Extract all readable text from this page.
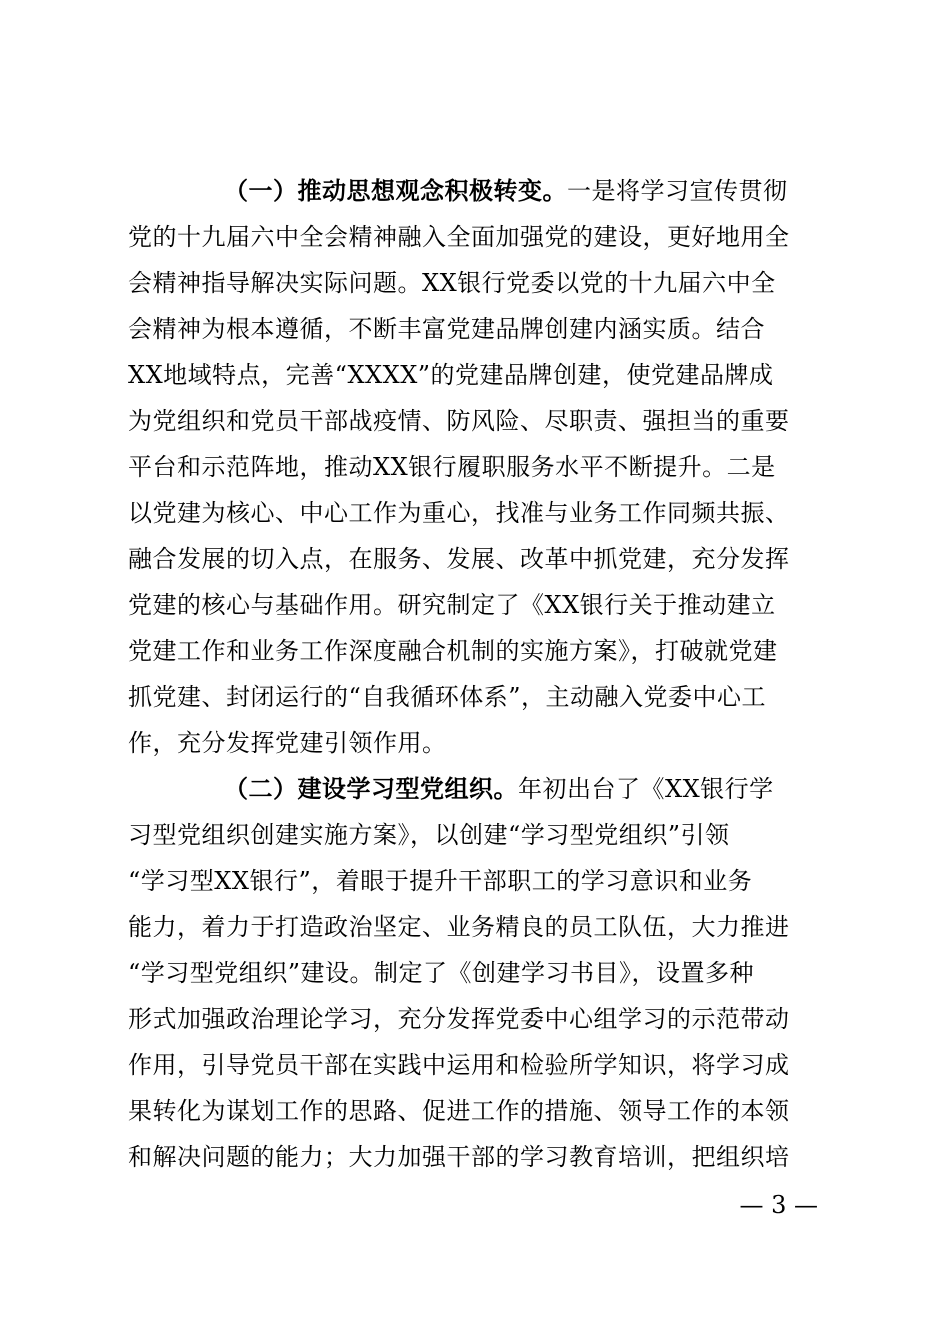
（一）推动思想观念积极转变。一是将学习宣传贯彻
党的十九届六中全会精神融入全面加强党的建设，更好地用全
会精神指导解决实际问题。XX银行党委以党的十九届六中全
会精神为根本遵循，不断丰富党建品牌创建内涵实质。结合
XX地域特点，完善“XXXX”的党建品牌创建，使党建品牌成
为党组织和党员干部战疫情、防风险、尽职责、强担当的重要
平台和示范阵地，推动XX银行履职服务水平不断提升。二是
以党建为核心、中心工作为重心，找准与业务工作同频共振、
融合发展的切入点，在服务、发展、改革中抓党建，充分发挥
党建的核心与基础作用。研究制定了《XX银行关于推动建立
党建工作和业务工作深度融合机制的实施方案》，打破就党建
抓党建、封闭运行的“自我循环体系”，主动融入党委中心工
作，充分发挥党建引领作用。
（二）建设学习型党组织。年初出台了《XX银行学
习型党组织创建实施方案》，以创建“学习型党组织”引领
“学习型XX银行”，着眼于提升干部职工的学习意识和业务
能力，着力于打造政治坚定、业务精良的员工队伍，大力推进
“学习型党组织”建设。制定了《创建学习书目》，设置多种
形式加强政治理论学习，充分发挥党委中心组学习的示范带动
作用，引导党员干部在实践中运用和检验所学知识，将学习成
果转化为谋划工作的思路、促进工作的措施、领导工作的本领
和解决问题的能力；大力加强干部的学习教育培训，把组织培
— 3 —
